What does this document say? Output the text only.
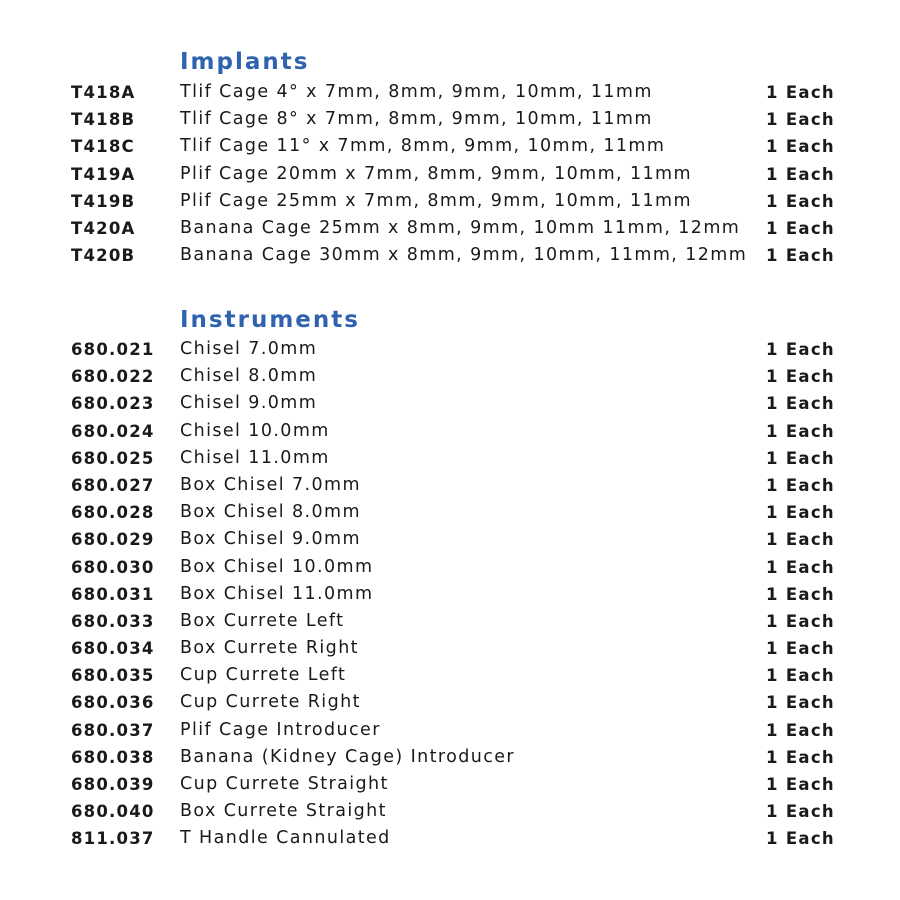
Implants
T418A	Tlif Cage 4° x 7mm, 8mm, 9mm, 10mm, 11mm	1 Each
T418B	Tlif Cage 8° x 7mm, 8mm, 9mm, 10mm, 11mm	1 Each
T418C	Tlif Cage 11° x 7mm, 8mm, 9mm, 10mm, 11mm	1 Each
T419A	Plif Cage 20mm x 7mm, 8mm, 9mm, 10mm, 11mm	1 Each
T419B	Plif Cage 25mm x 7mm, 8mm, 9mm, 10mm, 11mm	1 Each
T420A	Banana Cage 25mm x 8mm, 9mm, 10mm 11mm, 12mm 1 Each
T420B	Banana Cage 30mm x 8mm, 9mm, 10mm, 11mm, 12mm 1 Each
Instruments
680.021 Chisel 7.0mm	1 Each
680.022 Chisel 8.0mm	1 Each
680.023 Chisel 9.0mm	1 Each
680.024 Chisel 10.0mm	1 Each
680.025 Chisel 11.0mm	1 Each
680.027 Box Chisel 7.0mm	1 Each
680.028 Box Chisel 8.0mm	1 Each
680.029 Box Chisel 9.0mm	1 Each
680.030 Box Chisel 10.0mm	1 Each
680.031 Box Chisel 11.0mm	1 Each
680.033 Box Currete Left	1 Each
680.034 Box Currete Right	1 Each
680.035 Cup Currete Left	1 Each
680.036 Cup Currete Right	1 Each
680.037 Plif Cage Introducer	1 Each
680.038 Banana (Kidney Cage) Introducer	1 Each
680.039 Cup Currete Straight	1 Each
680.040 Box Currete Straight	1 Each
811.037 T Handle Cannulated	1 Each
